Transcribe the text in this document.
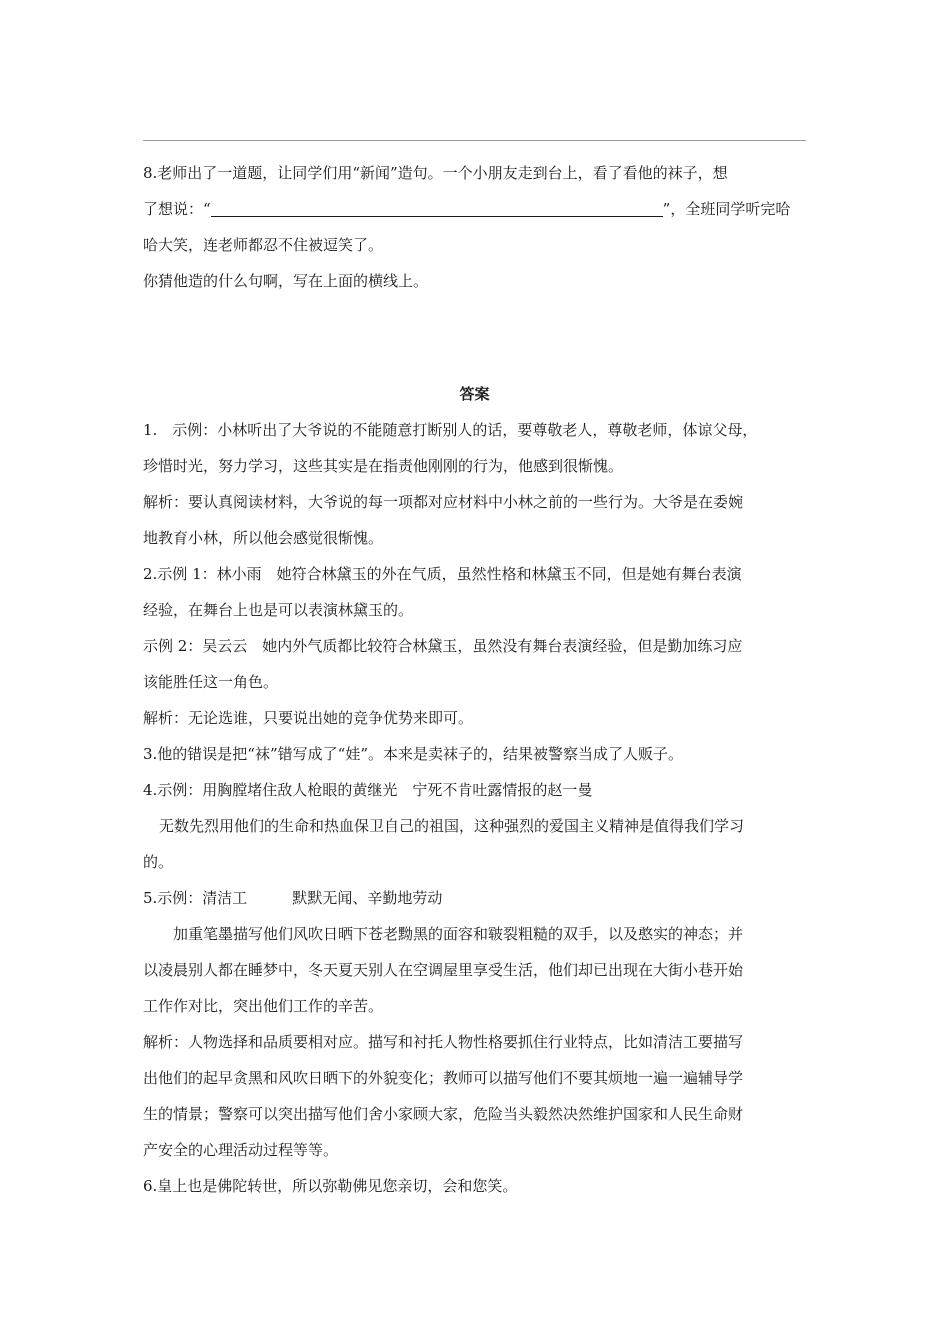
8.老师出了一道题，让同学们用“新闻”造句。一个小朋友走到台上，看了看他的袜子，想

了想说：“	”，全班同学听完哈

哈大笑，连老师都忍不住被逗笑了。

你猜他造的什么句啊，写在上面的横线上。

答案

1.　示例：小林听出了大爷说的不能随意打断别人的话，要尊敬老人，尊敬老师，体谅父母，

珍惜时光，努力学习，这些其实是在指责他刚刚的行为，他感到很惭愧。

解析：要认真阅读材料，大爷说的每一项都对应材料中小林之前的一些行为。大爷是在委婉

地教育小林，所以他会感觉很惭愧。

2.示例 1：林小雨　她符合林黛玉的外在气质，虽然性格和林黛玉不同，但是她有舞台表演

经验，在舞台上也是可以表演林黛玉的。

示例 2：吴云云　她内外气质都比较符合林黛玉，虽然没有舞台表演经验，但是勤加练习应

该能胜任这一角色。

解析：无论选谁，只要说出她的竞争优势来即可。

3.他的错误是把“袜”错写成了“娃”。本来是卖袜子的，结果被警察当成了人贩子。

4.示例：用胸膛堵住敌人枪眼的黄继光　宁死不肯吐露情报的赵一曼

无数先烈用他们的生命和热血保卫自己的祖国，这种强烈的爱国主义精神是值得我们学习

的。

5.示例：清洁工　　　默默无闻、辛勤地劳动

加重笔墨描写他们风吹日晒下苍老黝黑的面容和皲裂粗糙的双手，以及憨实的神态；并

以凌晨别人都在睡梦中，冬天夏天别人在空调屋里享受生活，他们却已出现在大街小巷开始

工作作对比，突出他们工作的辛苦。

解析：人物选择和品质要相对应。描写和衬托人物性格要抓住行业特点，比如清洁工要描写

出他们的起早贪黑和风吹日晒下的外貌变化；教师可以描写他们不要其烦地一遍一遍辅导学

生的情景；警察可以突出描写他们舍小家顾大家，危险当头毅然决然维护国家和人民生命财

产安全的心理活动过程等等。

6.皇上也是佛陀转世，所以弥勒佛见您亲切，会和您笑。
